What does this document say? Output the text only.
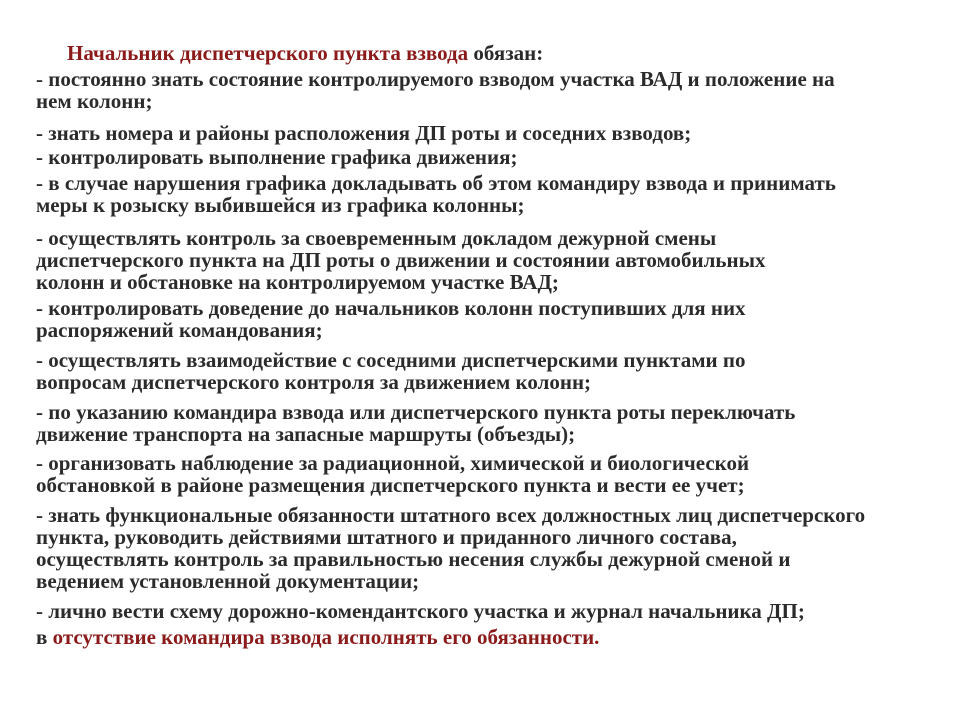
Начальник диспетчерского пункта взвода обязан:
- постоянно знать состояние контролируемого взводом участка ВАД и положение на
нем колонн;
- знать номера и районы расположения ДП роты и соседних взводов;
- контролировать выполнение графика движения;
- в случае нарушения графика докладывать об этом командиру взвода и принимать
меры к розыску выбившейся из графика колонны;
- осуществлять контроль за своевременным докладом дежурной смены
диспетчерского пункта на ДП роты о движении и состоянии автомобильных
колонн и обстановке на контролируемом участке ВАД;
- контролировать доведение до начальников колонн поступивших для них
распоряжений командования;
- осуществлять взаимодействие с соседними диспетчерскими пунктами по
вопросам диспетчерского контроля за движением колонн;
- по указанию командира взвода или диспетчерского пункта роты переключать
движение транспорта на запасные маршруты (объезды);
- организовать наблюдение за радиационной, химической и биологической
обстановкой в районе размещения диспетчерского пункта и вести ее учет;
- знать функциональные обязанности штатного всех должностных лиц диспетчерского
пункта, руководить действиями штатного и приданного личного состава,
осуществлять контроль за правильностью несения службы дежурной сменой и
ведением установленной документации;
- лично вести схему дорожно-комендантского участка и журнал начальника ДП;
в отсутствие командира взвода исполнять его обязанности.
